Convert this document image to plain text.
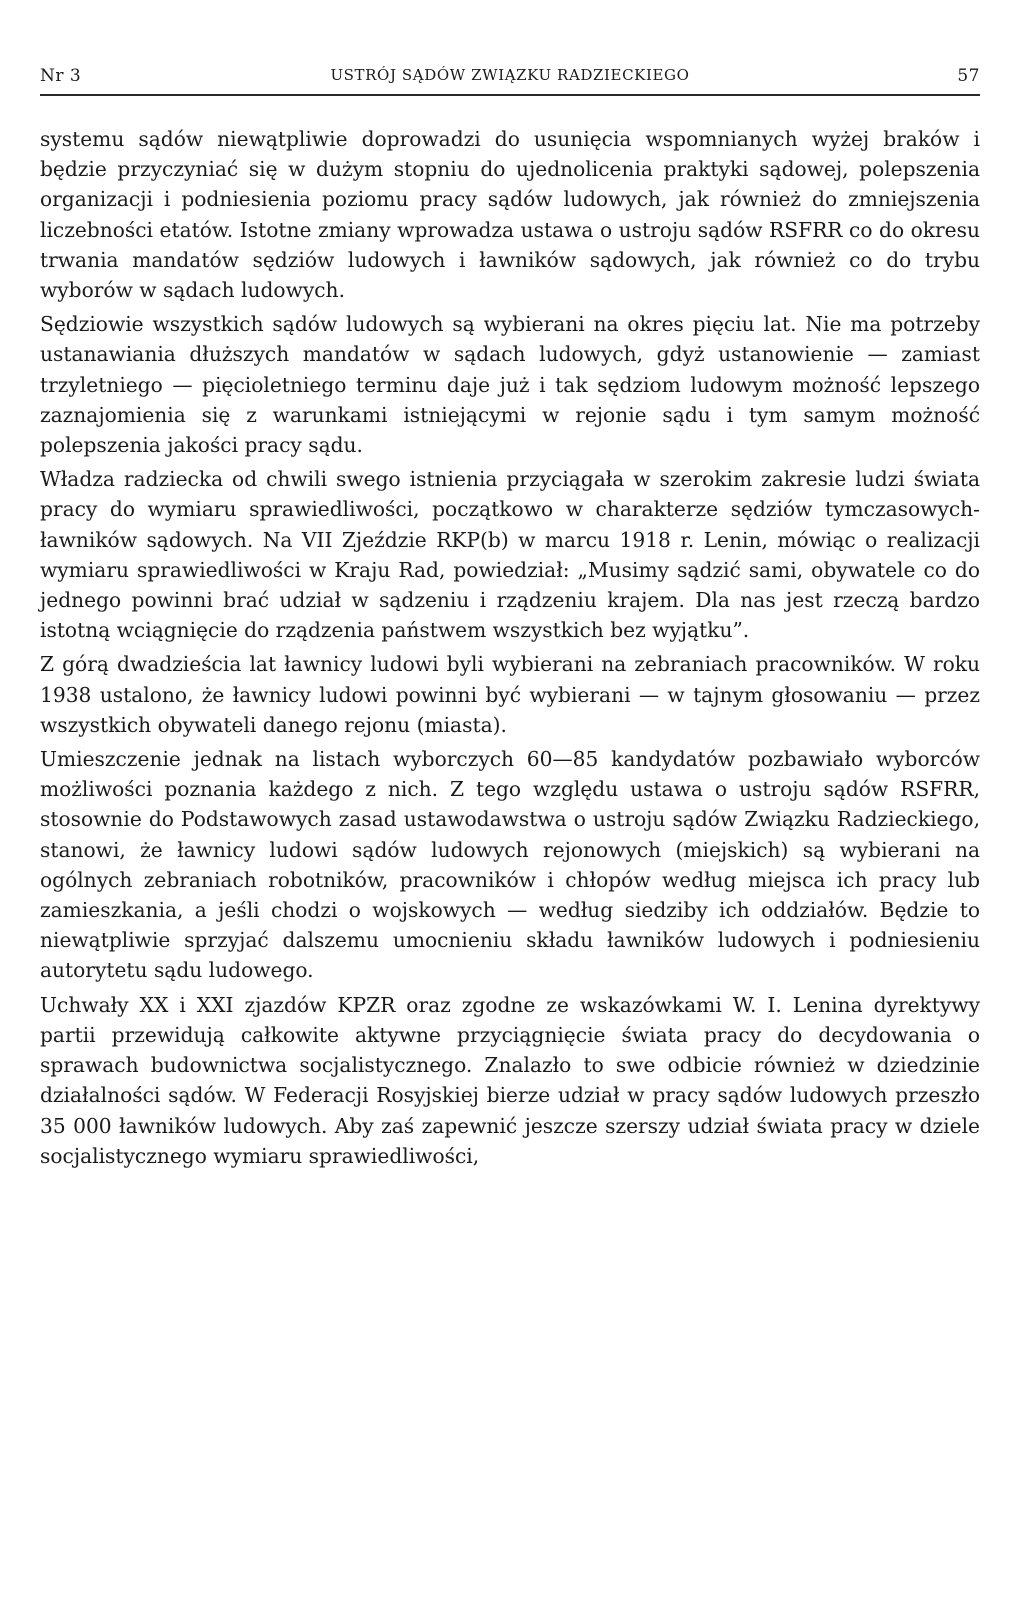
Nr 3	USTRÓJ SĄDÓW ZWIĄZKU RADZIECKIEGO	57

systemu sądów niewątpliwie doprowadzi do usunięcia wspomnianych wyżej braków i będzie przyczyniać się w dużym stopniu do ujednolicenia praktyki sądowej, polepszenia organizacji i podniesienia poziomu pracy sądów ludowych, jak również do zmniejszenia liczebności etatów. Istotne zmiany wprowadza ustawa o ustroju sądów RSFRR co do okresu trwania mandatów sędziów ludowych i ławników sądowych, jak również co do trybu wyborów w sądach ludowych.

Sędziowie wszystkich sądów ludowych są wybierani na okres pięciu lat. Nie ma potrzeby ustanawiania dłuższych mandatów w sądach ludowych, gdyż ustanowienie — zamiast trzyletniego — pięcioletniego terminu daje już i tak sędziom ludowym możność lepszego zaznajomienia się z warunkami istniejącymi w rejonie sądu i tym samym możność polepszenia jakości pracy sądu.

Władza radziecka od chwili swego istnienia przyciągała w szerokim zakresie ludzi świata pracy do wymiaru sprawiedliwości, początkowo w charakterze sędziów tymczasowych-ławników sądowych. Na VII Zjeździe RKP(b) w marcu 1918 r. Lenin, mówiąc o realizacji wymiaru sprawiedliwości w Kraju Rad, powiedział: „Musimy sądzić sami, obywatele co do jednego powinni brać udział w sądzeniu i rządzeniu krajem. Dla nas jest rzeczą bardzo istotną wciągnięcie do rządzenia państwem wszystkich bez wyjątku”.

Z górą dwadzieścia lat ławnicy ludowi byli wybierani na zebraniach pracowników. W roku 1938 ustalono, że ławnicy ludowi powinni być wybierani — w tajnym głosowaniu — przez wszystkich obywateli danego rejonu (miasta).

Umieszczenie jednak na listach wyborczych 60—85 kandydatów pozbawiało wyborców możliwości poznania każdego z nich. Z tego względu ustawa o ustroju sądów RSFRR, stosownie do Podstawowych zasad ustawodawstwa o ustroju sądów Związku Radzieckiego, stanowi, że ławnicy ludowi sądów ludowych rejonowych (miejskich) są wybierani na ogólnych zebraniach robotników, pracowników i chłopów według miejsca ich pracy lub zamieszkania, a jeśli chodzi o wojskowych — według siedziby ich oddziałów. Będzie to niewątpliwie sprzyjać dalszemu umocnieniu składu ławników ludowych i podniesieniu autorytetu sądu ludowego.

Uchwały XX i XXI zjazdów KPZR oraz zgodne ze wskazówkami W. I. Lenina dyrektywy partii przewidują całkowite aktywne przyciągnięcie świata pracy do decydowania o sprawach budownictwa socjalistycznego. Znalazło to swe odbicie również w dziedzinie działalności sądów. W Federacji Rosyjskiej bierze udział w pracy sądów ludowych przeszło 35 000 ławników ludowych. Aby zaś zapewnić jeszcze szerszy udział świata pracy w dziele socjalistycznego wymiaru sprawiedliwości,
